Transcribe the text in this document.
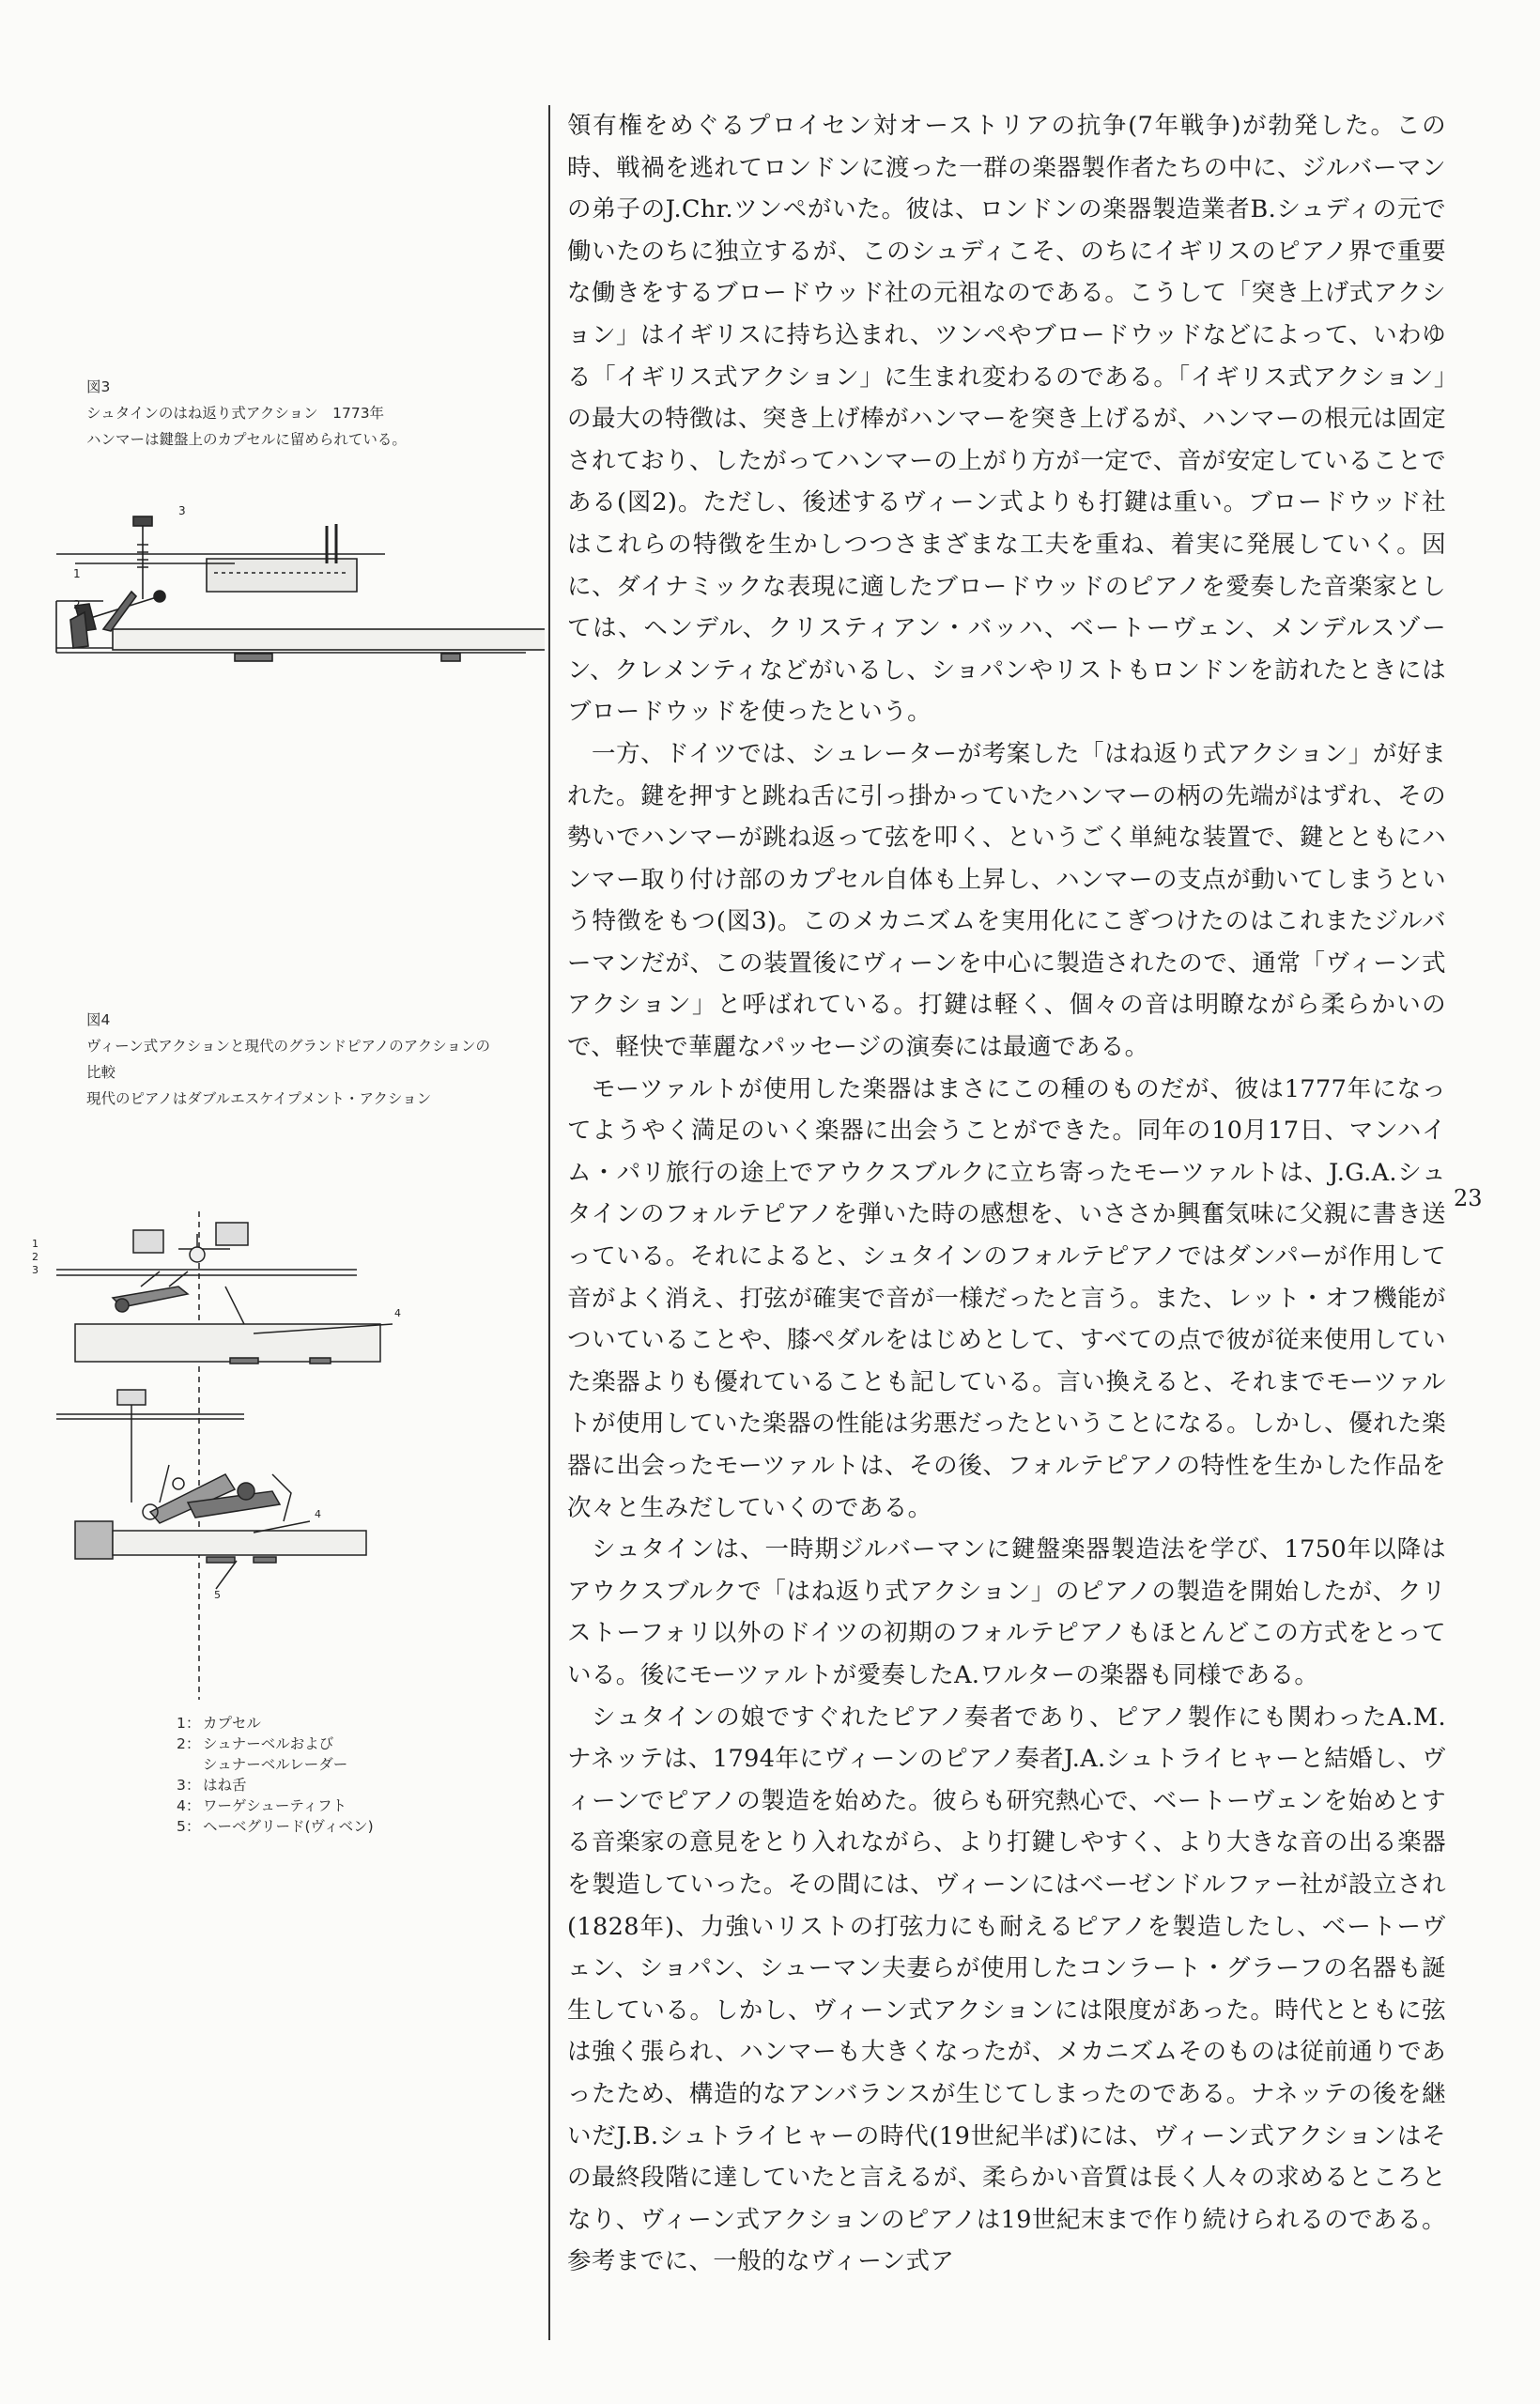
図3
シュタインのはね返り式アクション　1773年
ハンマーは鍵盤上のカプセルに留められている。
3
1
2
図4
ヴィーン式アクションと現代のグランドピアノのアクションの
比較
現代のピアノはダブルエスケイプメント・アクション
1
2
3
4
4
5
1： カプセル
2： シュナーベルおよび
シュナーベルレーダー
3： はね舌
4： ワーゲシューティフト
5： ヘーベグリード(ヴィベン)

領有権をめぐるプロイセン対オーストリアの抗争(7年戦争)が勃発した。この時、戦禍を逃れてロンドンに渡った一群の楽器製作者たちの中に、ジルバーマンの弟子のJ.Chr.ツンペがいた。彼は、ロンドンの楽器製造業者B.シュディの元で働いたのちに独立するが、このシュディこそ、のちにイギリスのピアノ界で重要な働きをするブロードウッド社の元祖なのである。こうして「突き上げ式アクション」はイギリスに持ち込まれ、ツンペやブロードウッドなどによって、いわゆる「イギリス式アクション」に生まれ変わるのである。「イギリス式アクション」の最大の特徴は、突き上げ棒がハンマーを突き上げるが、ハンマーの根元は固定されており、したがってハンマーの上がり方が一定で、音が安定していることである(図2)。ただし、後述するヴィーン式よりも打鍵は重い。ブロードウッド社はこれらの特徴を生かしつつさまざまな工夫を重ね、着実に発展していく。因に、ダイナミックな表現に適したブロードウッドのピアノを愛奏した音楽家としては、ヘンデル、クリスティアン・バッハ、ベートーヴェン、メンデルスゾーン、クレメンティなどがいるし、ショパンやリストもロンドンを訪れたときにはブロードウッドを使ったという。

一方、ドイツでは、シュレーターが考案した「はね返り式アクション」が好まれた。鍵を押すと跳ね舌に引っ掛かっていたハンマーの柄の先端がはずれ、その勢いでハンマーが跳ね返って弦を叩く、というごく単純な装置で、鍵とともにハンマー取り付け部のカプセル自体も上昇し、ハンマーの支点が動いてしまうという特徴をもつ(図3)。このメカニズムを実用化にこぎつけたのはこれまたジルバーマンだが、この装置後にヴィーンを中心に製造されたので、通常「ヴィーン式アクション」と呼ばれている。打鍵は軽く、個々の音は明瞭ながら柔らかいので、軽快で華麗なパッセージの演奏には最適である。

モーツァルトが使用した楽器はまさにこの種のものだが、彼は1777年になってようやく満足のいく楽器に出会うことができた。同年の10月17日、マンハイム・パリ旅行の途上でアウクスブルクに立ち寄ったモーツァルトは、J.G.A.シュタインのフォルテピアノを弾いた時の感想を、いささか興奮気味に父親に書き送っている。それによると、シュタインのフォルテピアノではダンパーが作用して音がよく消え、打弦が確実で音が一様だったと言う。また、レット・オフ機能がついていることや、膝ペダルをはじめとして、すべての点で彼が従来使用していた楽器よりも優れていることも記している。言い換えると、それまでモーツァルトが使用していた楽器の性能は劣悪だったということになる。しかし、優れた楽器に出会ったモーツァルトは、その後、フォルテピアノの特性を生かした作品を次々と生みだしていくのである。

シュタインは、一時期ジルバーマンに鍵盤楽器製造法を学び、1750年以降はアウクスブルクで「はね返り式アクション」のピアノの製造を開始したが、クリストーフォリ以外のドイツの初期のフォルテピアノもほとんどこの方式をとっている。後にモーツァルトが愛奏したA.ワルターの楽器も同様である。

シュタインの娘ですぐれたピアノ奏者であり、ピアノ製作にも関わったA.M.ナネッテは、1794年にヴィーンのピアノ奏者J.A.シュトライヒャーと結婚し、ヴィーンでピアノの製造を始めた。彼らも研究熱心で、ベートーヴェンを始めとする音楽家の意見をとり入れながら、より打鍵しやすく、より大きな音の出る楽器を製造していった。その間には、ヴィーンにはベーゼンドルファー社が設立され(1828年)、力強いリストの打弦力にも耐えるピアノを製造したし、ベートーヴェン、ショパン、シューマン夫妻らが使用したコンラート・グラーフの名器も誕生している。しかし、ヴィーン式アクションには限度があった。時代とともに弦は強く張られ、ハンマーも大きくなったが、メカニズムそのものは従前通りであったため、構造的なアンバランスが生じてしまったのである。ナネッテの後を継いだJ.B.シュトライヒャーの時代(19世紀半ば)には、ヴィーン式アクションはその最終段階に達していたと言えるが、柔らかい音質は長く人々の求めるところとなり、ヴィーン式アクションのピアノは19世紀末まで作り続けられるのである。参考までに、一般的なヴィーン式ア

23
